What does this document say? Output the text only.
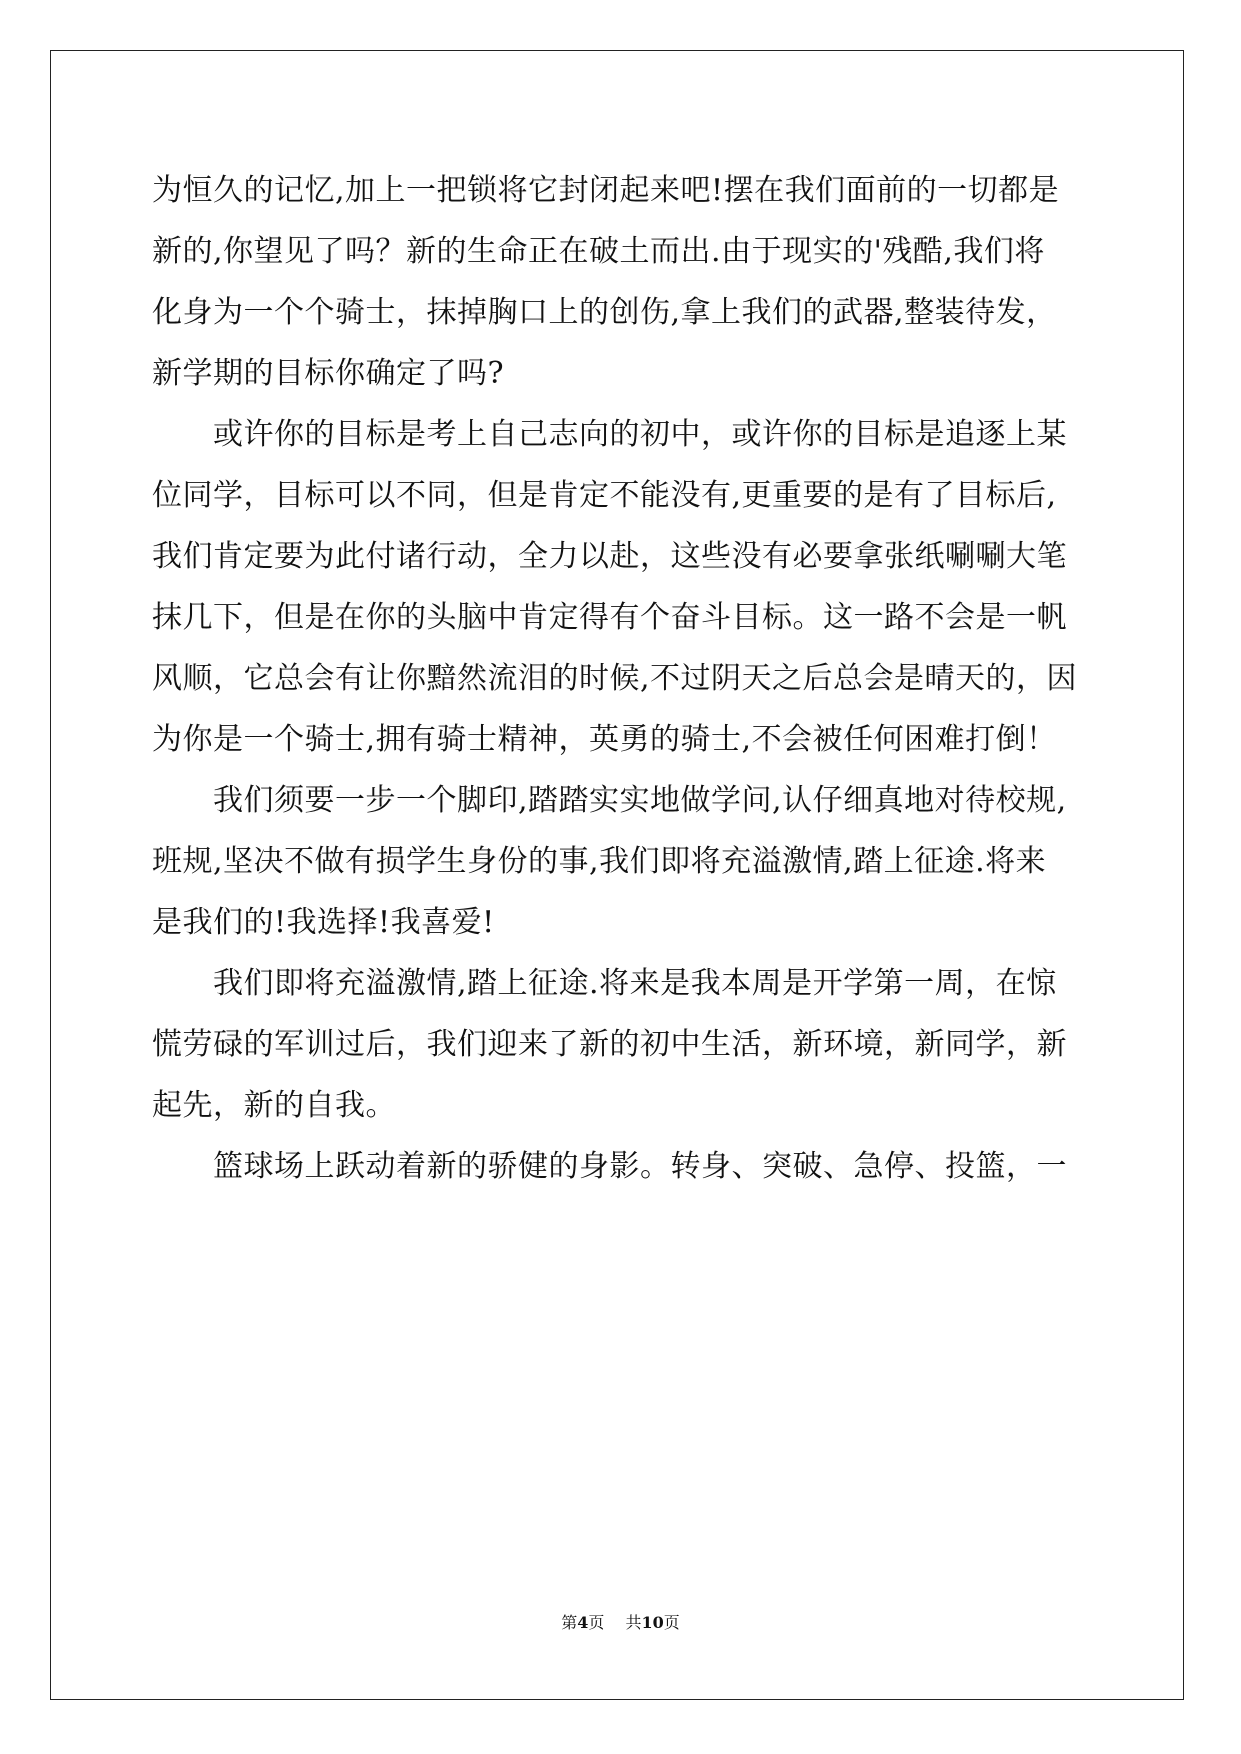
为恒久的记忆,加上一把锁将它封闭起来吧!摆在我们面前的一切都是
新的,你望见了吗？新的生命正在破土而出.由于现实的'残酷,我们将
化身为一个个骑士，抹掉胸口上的创伤,拿上我们的武器,整装待发，
新学期的目标你确定了吗?
　　或许你的目标是考上自己志向的初中，或许你的目标是追逐上某
位同学，目标可以不同，但是肯定不能没有,更重要的是有了目标后,
我们肯定要为此付诸行动，全力以赴，这些没有必要拿张纸唰唰大笔
抹几下，但是在你的头脑中肯定得有个奋斗目标。这一路不会是一帆
风顺，它总会有让你黯然流泪的时候,不过阴天之后总会是晴天的，因
为你是一个骑士,拥有骑士精神，英勇的骑士,不会被任何困难打倒！
　　我们须要一步一个脚印,踏踏实实地做学问,认仔细真地对待校规,
班规,坚决不做有损学生身份的事,我们即将充溢激情,踏上征途.将来
是我们的!我选择!我喜爱!
　　我们即将充溢激情,踏上征途.将来是我本周是开学第一周，在惊
慌劳碌的军训过后，我们迎来了新的初中生活，新环境，新同学，新
起先，新的自我。
　　篮球场上跃动着新的骄健的身影。转身、突破、急停、投篮，一
第4页　 共10页
